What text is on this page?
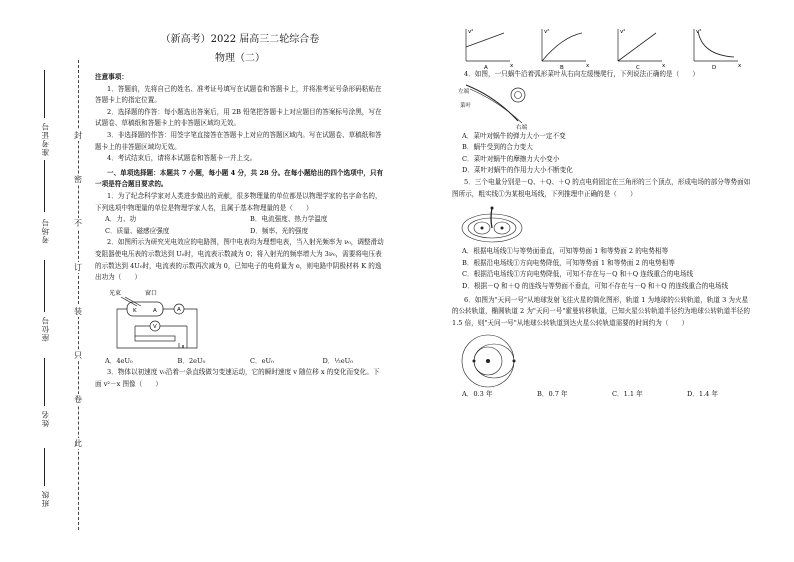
准考证号
考场号
座位号
姓名
班级
封
密
不
订
装
只
卷
此
（新高考）2022 届高三二轮综合卷
物理（二）

注意事项：

1．答题前，先将自己的姓名、准考证号填写在试题卷和答题卡上，并将准考证号条形码粘贴在答题卡上的指定位置。

2．选择题的作答：每小题选出答案后，用 2B 铅笔把答题卡上对应题目的答案标号涂黑，写在试题卷、草稿纸和答题卡上的非答题区域均无效。

3．非选择题的作答：用签字笔直接答在答题卡上对应的答题区域内。写在试题卷、草稿纸和答题卡上的非答题区域均无效。

4．考试结束后，请将本试题卷和答题卡一并上交。

一、单项选择题：本题共 7 小题，每小题 4 分，共 28 分。在每小题给出的四个选项中，只有一项是符合题目要求的。

1．为了纪念科学家对人类进步做出的贡献，很多物理量的单位都是以物理学家的名字命名的，下列选项中物理量的单位是物理学家人名，且属于基本物理量的是（　　）

A．力、功	B．电流强度、热力学温度
C．质量、磁感应强度	D．频率、光的强度

2．如图所示为研究光电效应的电路图，图中电表均为理想电表，当入射光频率为 ν₀，调整滑动变阻器使电压表的示数达到 U₀时，电流表示数减为 0；将入射光的频率增大为 3ν₀，需要将电压表的示数达到 4U₀时，电流表的示数再次减为 0，已知电子的电荷量为 e，则电路中阴极材料 K 的逸出功为（　　）

光束	窗口
K	A	A
V
A．4eU₀	B．2eU₀	C．eU₀	D．½eU₀

3．物体以初速度 v₀沿着一条直线做匀变速运动，它的瞬时速度 v 随位移 x 的变化而变化。下面 v²－x 图像（　　）

v²
x
A
v²
x
B
v²
x
C
v²
x
D

4．如图，一只蜗牛沿着弧形菜叶从右向左缓慢爬行，下列说法正确的是（　　）

左端
菜叶
右端

A．菜叶对蜗牛的弹力大小一定不变

B．蜗牛受到的合力变大

C．菜叶对蜗牛的摩擦力大小变小

D．菜叶对蜗牛的作用力大小不断变化

5．三个电量分别是－Q、＋Q、＋Q 的点电荷固定在三角形的三个顶点，形成电场的部分等势面如图所示，粗实线①为某根电场线，下列推理中正确的是（　　）

A．根据电场线①与等势面垂直，可知等势面 1 和等势面 2 的电势相等

B．根据沿电场线①方向电势降低，可知等势面 1 和等势面 2 的电势相等

C．根据沿电场线①方向电势降低，可知不存在与－Q 和＋Q 连线重合的电场线

D．根据－Q 和＋Q 的连线与等势面不垂直，可知不存在与－Q 和＋Q 的连线重合的电场线

6．如图为"天问一号"从地球发射飞往火星的简化图形，轨道 1 为地球的公转轨道，轨道 3 为火星的公转轨道，椭圆轨道 2 为"天问一号"霍曼转移轨道，已知火星公转轨道半径约为地球公转轨道半径的 1.5 倍，则"天问一号"从地球公转轨道到达火星公转轨道需要的时间约为（　　）

A．0.3 年	B．0.7 年	C．1.1 年	D．1.4 年
